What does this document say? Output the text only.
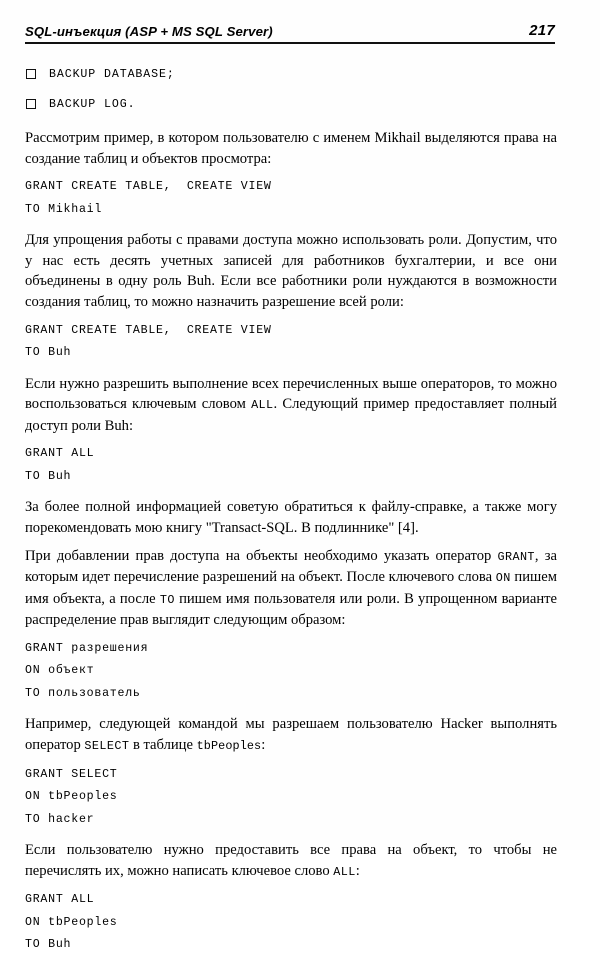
SQL-инъекция (ASP + MS SQL Server)	217
BACKUP DATABASE;
BACKUP LOG.

Рассмотрим пример, в котором пользователю с именем Mikhail выделяются права на создание таблиц и объектов просмотра:

GRANT CREATE TABLE,  CREATE VIEW
TO Mikhail

Для упрощения работы с правами доступа можно использовать роли. Допустим, что у нас есть десять учетных записей для работников бухгалтерии, и все они объединены в одну роль Buh. Если все работники роли нуждаются в возможности создания таблиц, то можно назначить разрешение всей роли:

GRANT CREATE TABLE,  CREATE VIEW
TO Buh

Если нужно разрешить выполнение всех перечисленных выше операторов, то можно воспользоваться ключевым словом ALL. Следующий пример предоставляет полный доступ роли Buh:

GRANT ALL
TO Buh

За более полной информацией советую обратиться к файлу-справке, а также могу порекомендовать мою книгу "Transact-SQL. В подлиннике" [4].

При добавлении прав доступа на объекты необходимо указать оператор GRANT, за которым идет перечисление разрешений на объект. После ключевого слова ON пишем имя объекта, а после TO пишем имя пользователя или роли. В упрощенном варианте распределение прав выглядит следующим образом:

GRANT разрешения
ON объект
TO пользователь

Например, следующей командой мы разрешаем пользователю Hacker выполнять оператор SELECT в таблице tbPeoples:

GRANT SELECT
ON tbPeoples
TO hacker

Если пользователю нужно предоставить все права на объект, то чтобы не перечислять их, можно написать ключевое слово ALL:

GRANT ALL
ON tbPeoples
TO Buh
